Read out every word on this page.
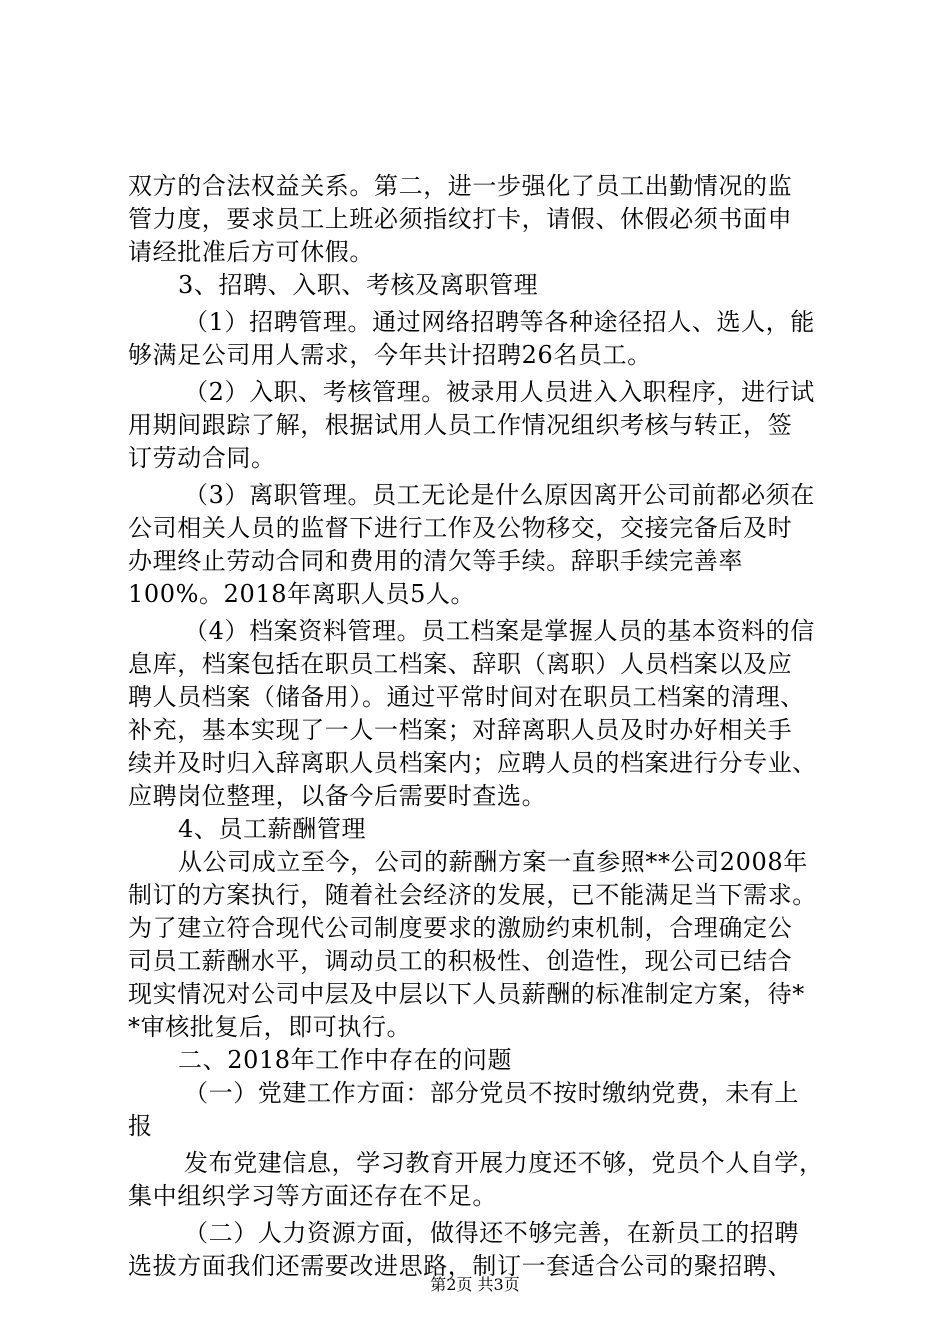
双方的合法权益关系。第二，进一步强化了员工出勤情况的监
管力度，要求员工上班必须指纹打卡，请假、休假必须书面申
请经批准后方可休假。
3、招聘、入职、考核及离职管理
（1）招聘管理。通过网络招聘等各种途径招人、选人，能
够满足公司用人需求，今年共计招聘26名员工。
（2）入职、考核管理。被录用人员进入入职程序，进行试
用期间跟踪了解，根据试用人员工作情况组织考核与转正，签
订劳动合同。
（3）离职管理。员工无论是什么原因离开公司前都必须在
公司相关人员的监督下进行工作及公物移交，交接完备后及时
办理终止劳动合同和费用的清欠等手续。辞职手续完善率
100%。2018年离职人员5人。
（4）档案资料管理。员工档案是掌握人员的基本资料的信
息库，档案包括在职员工档案、辞职（离职）人员档案以及应
聘人员档案（储备用）。通过平常时间对在职员工档案的清理、
补充，基本实现了一人一档案；对辞离职人员及时办好相关手
续并及时归入辞离职人员档案内；应聘人员的档案进行分专业、
应聘岗位整理，以备今后需要时查选。
4、员工薪酬管理
从公司成立至今，公司的薪酬方案一直参照**公司2008年
制订的方案执行，随着社会经济的发展，已不能满足当下需求。
为了建立符合现代公司制度要求的激励约束机制，合理确定公
司员工薪酬水平，调动员工的积极性、创造性，现公司已结合
现实情况对公司中层及中层以下人员薪酬的标准制定方案，待*
*审核批复后，即可执行。
二、2018年工作中存在的问题
（一）党建工作方面：部分党员不按时缴纳党费，未有上
报
发布党建信息，学习教育开展力度还不够，党员个人自学，
集中组织学习等方面还存在不足。
（二）人力资源方面，做得还不够完善，在新员工的招聘
选拔方面我们还需要改进思路，制订一套适合公司的聚招聘、
第2页 共3页
